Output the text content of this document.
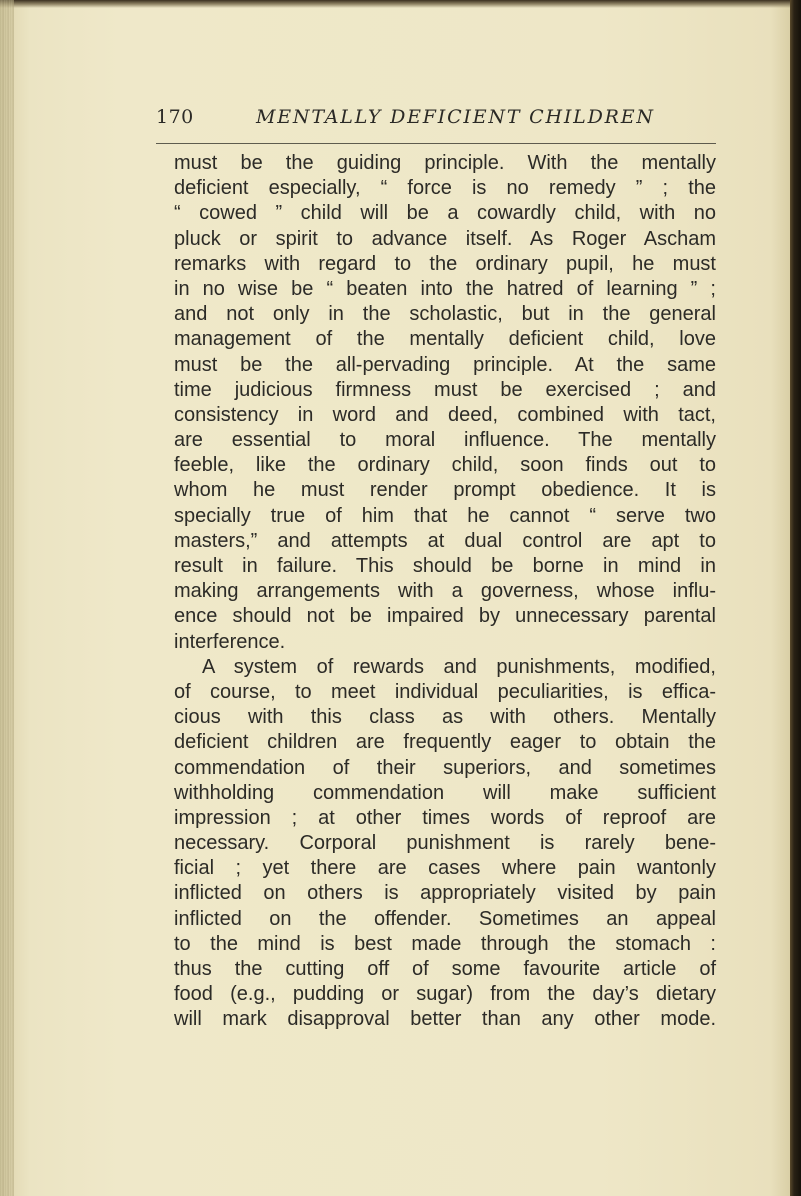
170	MENTALLY DEFICIENT CHILDREN
must be the guiding principle. With the mentally
deficient especially, “ force is no remedy ” ; the
“ cowed ” child will be a cowardly child, with no
pluck or spirit to advance itself. As Roger Ascham
remarks with regard to the ordinary pupil, he must
in no wise be “ beaten into the hatred of learning ” ;
and not only in the scholastic, but in the general
management of the mentally deficient child, love
must be the all-pervading principle. At the same
time judicious firmness must be exercised ; and
consistency in word and deed, combined with tact,
are essential to moral influence. The mentally
feeble, like the ordinary child, soon finds out to
whom he must render prompt obedience. It is
specially true of him that he cannot “ serve two
masters,” and attempts at dual control are apt to
result in failure. This should be borne in mind in
making arrangements with a governess, whose influ-
ence should not be impaired by unnecessary parental
interference.
A system of rewards and punishments, modified,
of course, to meet individual peculiarities, is effica-
cious with this class as with others. Mentally
deficient children are frequently eager to obtain the
commendation of their superiors, and sometimes
withholding commendation will make sufficient
impression ; at other times words of reproof are
necessary. Corporal punishment is rarely bene-
ficial ; yet there are cases where pain wantonly
inflicted on others is appropriately visited by pain
inflicted on the offender. Sometimes an appeal
to the mind is best made through the stomach :
thus the cutting off of some favourite article of
food (e.g., pudding or sugar) from the day’s dietary
will mark disapproval better than any other mode.
